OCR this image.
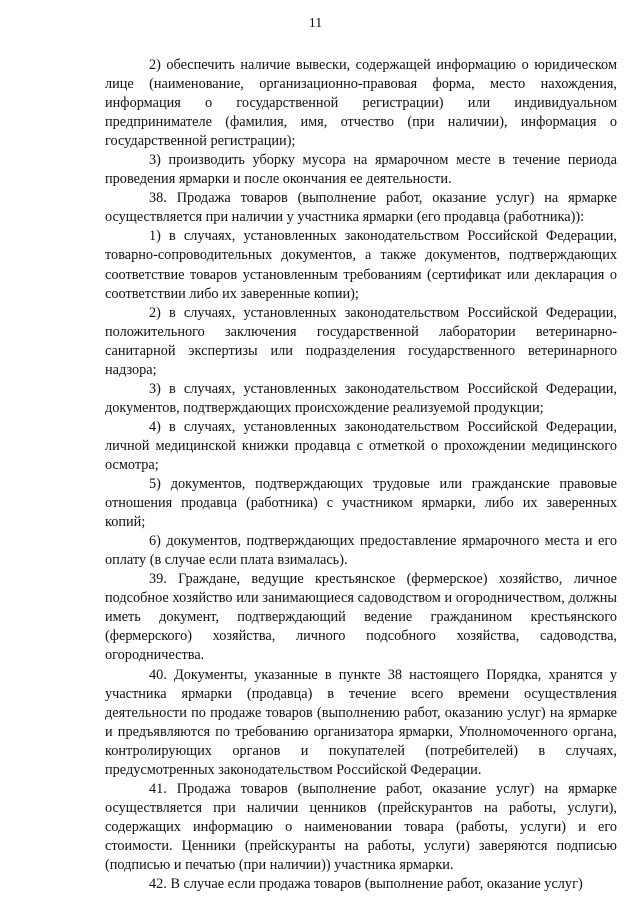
11

2) обеспечить наличие вывески, содержащей информацию о юридическом лице (наименование, организационно-правовая форма, место нахождения, информация о государственной регистрации) или индивидуальном предпринимателе (фамилия, имя, отчество (при наличии), информация о государственной регистрации);

3) производить уборку мусора на ярмарочном месте в течение периода проведения ярмарки и после окончания ее деятельности.

38. Продажа товаров (выполнение работ, оказание услуг) на ярмарке осуществляется при наличии у участника ярмарки (его продавца (работника)):

1) в случаях, установленных законодательством Российской Федерации, товарно-сопроводительных документов, а также документов, подтверждающих соответствие товаров установленным требованиям (сертификат или декларация о соответствии либо их заверенные копии);

2) в случаях, установленных законодательством Российской Федерации, положительного заключения государственной лаборатории ветеринарно-санитарной экспертизы или подразделения государственного ветеринарного надзора;

3) в случаях, установленных законодательством Российской Федерации, документов, подтверждающих происхождение реализуемой продукции;

4) в случаях, установленных законодательством Российской Федерации, личной медицинской книжки продавца с отметкой о прохождении медицинского осмотра;

5) документов, подтверждающих трудовые или гражданские правовые отношения продавца (работника) с участником ярмарки, либо их заверенных копий;

6) документов, подтверждающих предоставление ярмарочного места и его оплату (в случае если плата взималась).

39. Граждане, ведущие крестьянское (фермерское) хозяйство, личное подсобное хозяйство или занимающиеся садоводством и огородничеством, должны иметь документ, подтверждающий ведение гражданином крестьянского (фермерского) хозяйства, личного подсобного хозяйства, садоводства, огородничества.

40. Документы, указанные в пункте 38 настоящего Порядка, хранятся у участника ярмарки (продавца) в течение всего времени осуществления деятельности по продаже товаров (выполнению работ, оказанию услуг) на ярмарке и предъявляются по требованию организатора ярмарки, Уполномоченного органа, контролирующих органов и покупателей (потребителей) в случаях, предусмотренных законодательством Российской Федерации.

41. Продажа товаров (выполнение работ, оказание услуг) на ярмарке осуществляется при наличии ценников (прейскурантов на работы, услуги), содержащих информацию о наименовании товара (работы, услуги) и его стоимости. Ценники (прейскуранты на работы, услуги) заверяются подписью (подписью и печатью (при наличии)) участника ярмарки.

42. В случае если продажа товаров (выполнение работ, оказание услуг)
